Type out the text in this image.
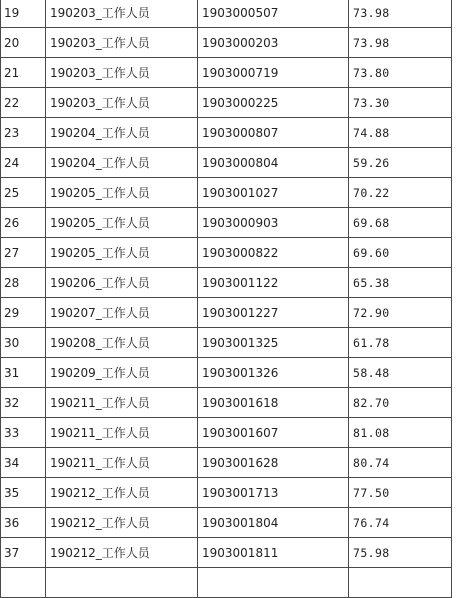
19	190203_工作人员	1903000507	73.98
20	190203_工作人员	1903000203	73.98
21	190203_工作人员	1903000719	73.80
22	190203_工作人员	1903000225	73.30
23	190204_工作人员	1903000807	74.88
24	190204_工作人员	1903000804	59.26
25	190205_工作人员	1903001027	70.22
26	190205_工作人员	1903000903	69.68
27	190205_工作人员	1903000822	69.60
28	190206_工作人员	1903001122	65.38
29	190207_工作人员	1903001227	72.90
30	190208_工作人员	1903001325	61.78
31	190209_工作人员	1903001326	58.48
32	190211_工作人员	1903001618	82.70
33	190211_工作人员	1903001607	81.08
34	190211_工作人员	1903001628	80.74
35	190212_工作人员	1903001713	77.50
36	190212_工作人员	1903001804	76.74
37	190212_工作人员	1903001811	75.98
